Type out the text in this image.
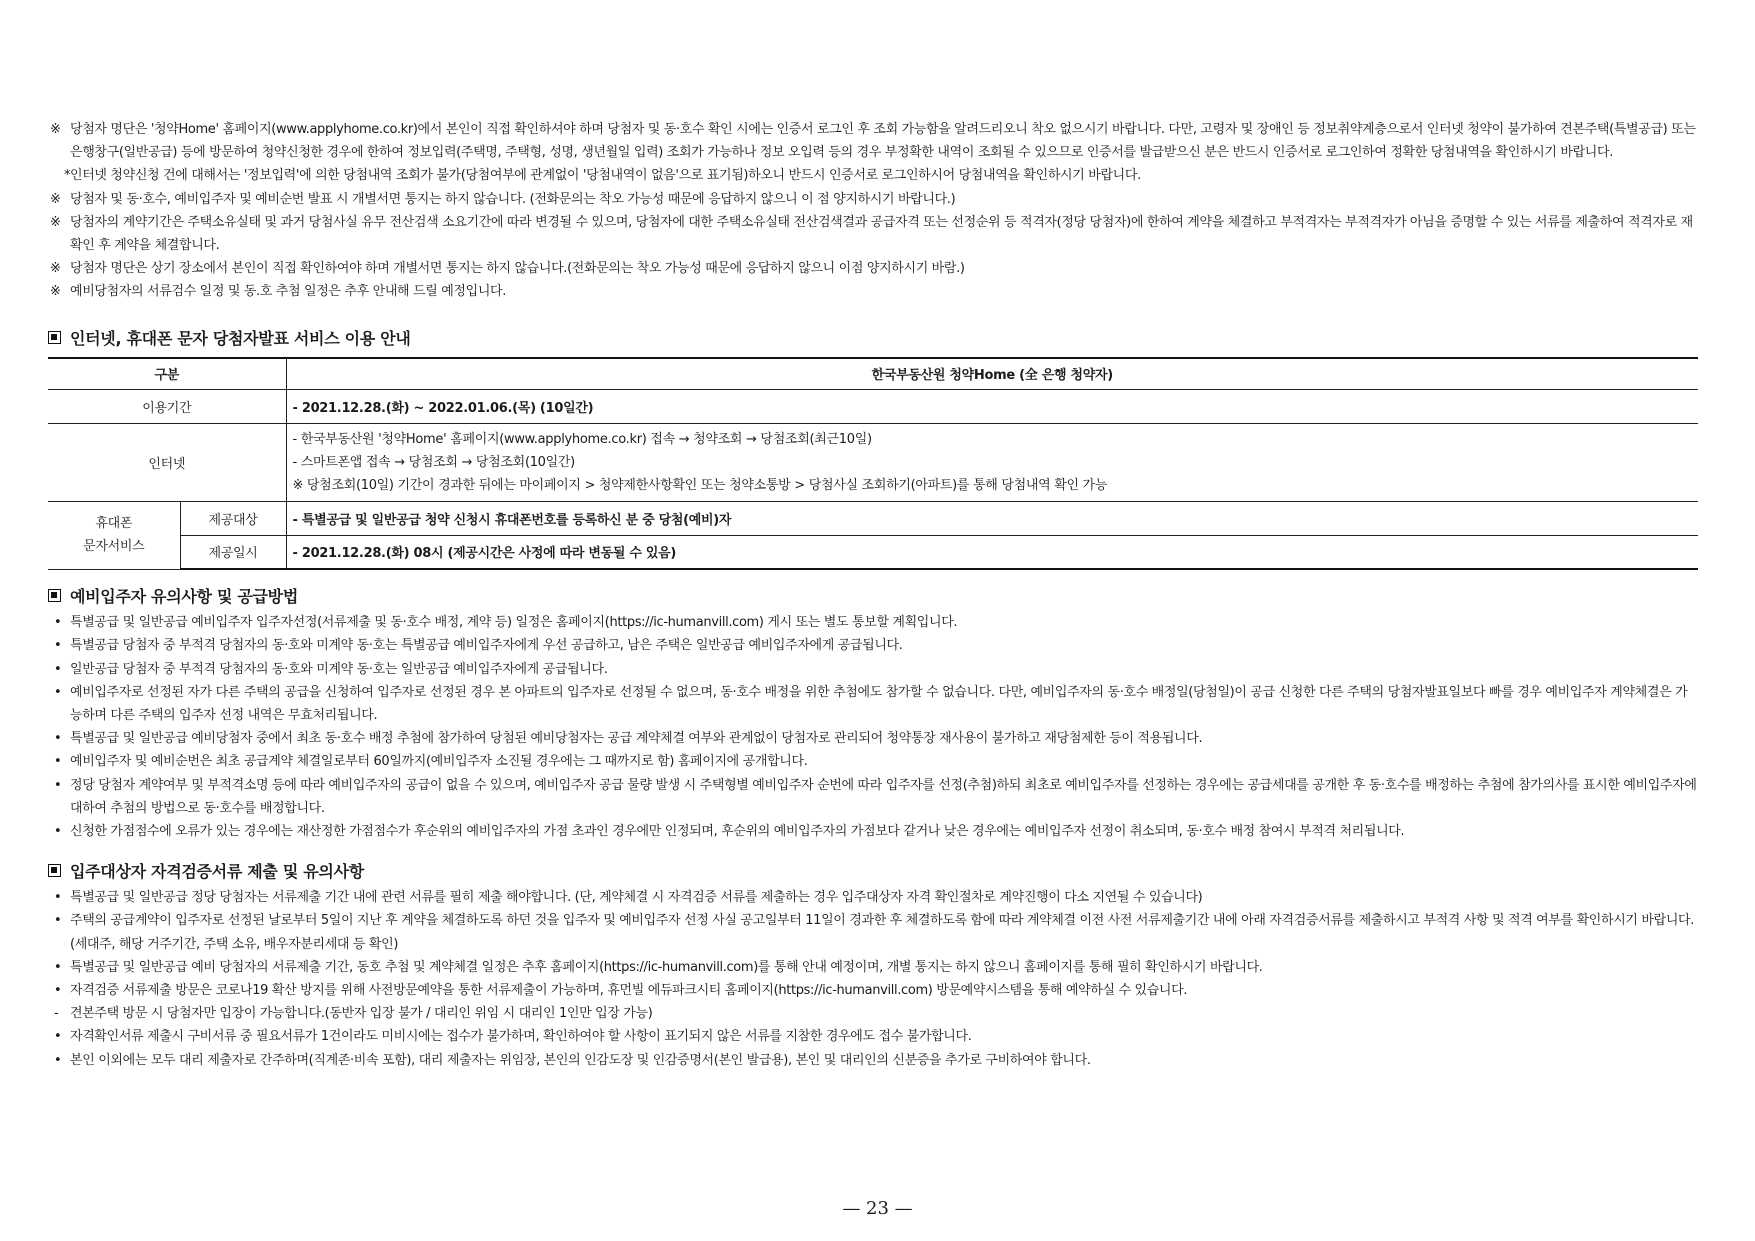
※ 당첨자 명단은 '청약Home' 홈페이지(www.applyhome.co.kr)에서 본인이 직접 확인하셔야 하며 당첨자 및 동·호수 확인 시에는 인증서 로그인 후 조회 가능함을 알려드리오니 착오 없으시기 바랍니다. 다만, 고령자 및 장애인 등 정보취약계층으로서 인터넷 청약이 불가하여 견본주택(특별공급) 또는 은행창구(일반공급) 등에 방문하여 청약신청한 경우에 한하여 정보입력(주택명, 주택형, 성명, 생년월일 입력) 조회가 가능하나 정보 오입력 등의 경우 부정확한 내역이 조회될 수 있으므로 인증서를 발급받으신 분은 반드시 인증서로 로그인하여 정확한 당첨내역을 확인하시기 바랍니다.
* 인터넷 청약신청 건에 대해서는 '정보입력'에 의한 당첨내역 조회가 불가(당첨여부에 관계없이 '당첨내역이 없음'으로 표기됨)하오니 반드시 인증서로 로그인하시어 당첨내역을 확인하시기 바랍니다.
※ 당첨자 및 동·호수, 예비입주자 및 예비순번 발표 시 개별서면 통지는 하지 않습니다. (전화문의는 착오 가능성 때문에 응답하지 않으니 이 점 양지하시기 바랍니다.)
※ 당첨자의 계약기간은 주택소유실태 및 과거 당첨사실 유무 전산검색 소요기간에 따라 변경될 수 있으며, 당첨자에 대한 주택소유실태 전산검색결과 공급자격 또는 선정순위 등 적격자(정당 당첨자)에 한하여 계약을 체결하고 부적격자는 부적격자가 아님을 증명할 수 있는 서류를 제출하여 적격자로 재확인 후 계약을 체결합니다.
※ 당첨자 명단은 상기 장소에서 본인이 직접 확인하여야 하며 개별서면 통지는 하지 않습니다.(전화문의는 착오 가능성 때문에 응답하지 않으니 이점 양지하시기 바람.)
※ 예비당첨자의 서류검수 일정 및 동.호 추첨 일정은 추후 안내해 드릴 예정입니다.
인터넷, 휴대폰 문자 당첨자발표 서비스 이용 안내
구분		한국부동산원 청약Home (全 은행 청약자)
이용기간		- 2021.12.28.(화) ~ 2022.01.06.(목) (10일간)
인터넷		- 한국부동산원 '청약Home' 홈페이지(www.applyhome.co.kr) 접속 → 청약조회 → 당첨조회(최근10일)
- 스마트폰앱 접속 → 당첨조회 → 당첨조회(10일간)
※ 당첨조회(10일) 기간이 경과한 뒤에는 마이페이지 > 청약제한사항확인 또는 청약소통방 > 당첨사실 조회하기(아파트)를 통해 당첨내역 확인 가능

휴대폰
문자서비스	제공대상	- 특별공급 및 일반공급 청약 신청시 휴대폰번호를 등록하신 분 중 당첨(예비)자
	제공일시	- 2021.12.28.(화) 08시 (제공시간은 사정에 따라 변동될 수 있음)
예비입주자 유의사항 및 공급방법
• 특별공급 및 일반공급 예비입주자 입주자선정(서류제출 및 동·호수 배정, 계약 등) 일정은 홈페이지(https://ic-humanvill.com) 게시 또는 별도 통보할 계획입니다.
• 특별공급 당첨자 중 부적격 당첨자의 동·호와 미계약 동·호는 특별공급 예비입주자에게 우선 공급하고, 남은 주택은 일반공급 예비입주자에게 공급됩니다.
• 일반공급 당첨자 중 부적격 당첨자의 동·호와 미계약 동·호는 일반공급 예비입주자에게 공급됩니다.
• 예비입주자로 선정된 자가 다른 주택의 공급을 신청하여 입주자로 선정된 경우 본 아파트의 입주자로 선정될 수 없으며, 동·호수 배정을 위한 추첨에도 참가할 수 없습니다. 다만, 예비입주자의 동·호수 배정일(당첨일)이 공급 신청한 다른 주택의 당첨자발표일보다 빠를 경우 예비입주자 계약체결은 가능하며 다른 주택의 입주자 선정 내역은 무효처리됩니다.
• 특별공급 및 일반공급 예비당첨자 중에서 최초 동·호수 배정 추첨에 참가하여 당첨된 예비당첨자는 공급 계약체결 여부와 관계없이 당첨자로 관리되어 청약통장 재사용이 불가하고 재당첨제한 등이 적용됩니다.
• 예비입주자 및 예비순번은 최초 공급계약 체결일로부터 60일까지(예비입주자 소진될 경우에는 그 때까지로 함) 홈페이지에 공개합니다.
• 정당 당첨자 계약여부 및 부적격소명 등에 따라 예비입주자의 공급이 없을 수 있으며, 예비입주자 공급 물량 발생 시 주택형별 예비입주자 순번에 따라 입주자를 선정(추첨)하되 최초로 예비입주자를 선정하는 경우에는 공급세대를 공개한 후 동·호수를 배정하는 추첨에 참가의사를 표시한 예비입주자에 대하여 추첨의 방법으로 동·호수를 배정합니다.
• 신청한 가점점수에 오류가 있는 경우에는 재산정한 가점점수가 후순위의 예비입주자의 가점 초과인 경우에만 인정되며, 후순위의 예비입주자의 가점보다 같거나 낮은 경우에는 예비입주자 선정이 취소되며, 동·호수 배정 참여시 부적격 처리됩니다.
입주대상자 자격검증서류 제출 및 유의사항
• 특별공급 및 일반공급 정당 당첨자는 서류제출 기간 내에 관련 서류를 필히 제출 해야합니다. (단, 계약체결 시 자격검증 서류를 제출하는 경우 입주대상자 자격 확인절차로 계약진행이 다소 지연될 수 있습니다)
• 주택의 공급계약이 입주자로 선정된 날로부터 5일이 지난 후 계약을 체결하도록 하던 것을 입주자 및 예비입주자 선정 사실 공고일부터 11일이 경과한 후 체결하도록 함에 따라 계약체결 이전 사전 서류제출기간 내에 아래 자격검증서류를 제출하시고 부적격 사항 및 적격 여부를 확인하시기 바랍니다. (세대주, 해당 거주기간, 주택 소유, 배우자분리세대 등 확인)
• 특별공급 및 일반공급 예비 당첨자의 서류제출 기간, 동호 추첨 및 계약체결 일정은 추후 홈페이지(https://ic-humanvill.com)를 통해 안내 예정이며, 개별 통지는 하지 않으니 홈페이지를 통해 필히 확인하시기 바랍니다.
• 자격검증 서류제출 방문은 코로나19 확산 방지를 위해 사전방문예약을 통한 서류제출이 가능하며, 휴먼빌 에듀파크시티 홈페이지(https://ic-humanvill.com) 방문예약시스템을 통해 예약하실 수 있습니다.
- 견본주택 방문 시 당첨자만 입장이 가능합니다.(동반자 입장 불가 / 대리인 위임 시 대리인 1인만 입장 가능)
• 자격확인서류 제출시 구비서류 중 필요서류가 1건이라도 미비시에는 접수가 불가하며, 확인하여야 할 사항이 표기되지 않은 서류를 지참한 경우에도 접수 불가합니다.
• 본인 이외에는 모두 대리 제출자로 간주하며(직계존·비속 포함), 대리 제출자는 위임장, 본인의 인감도장 및 인감증명서(본인 발급용), 본인 및 대리인의 신분증을 추가로 구비하여야 합니다.
— 23 —
